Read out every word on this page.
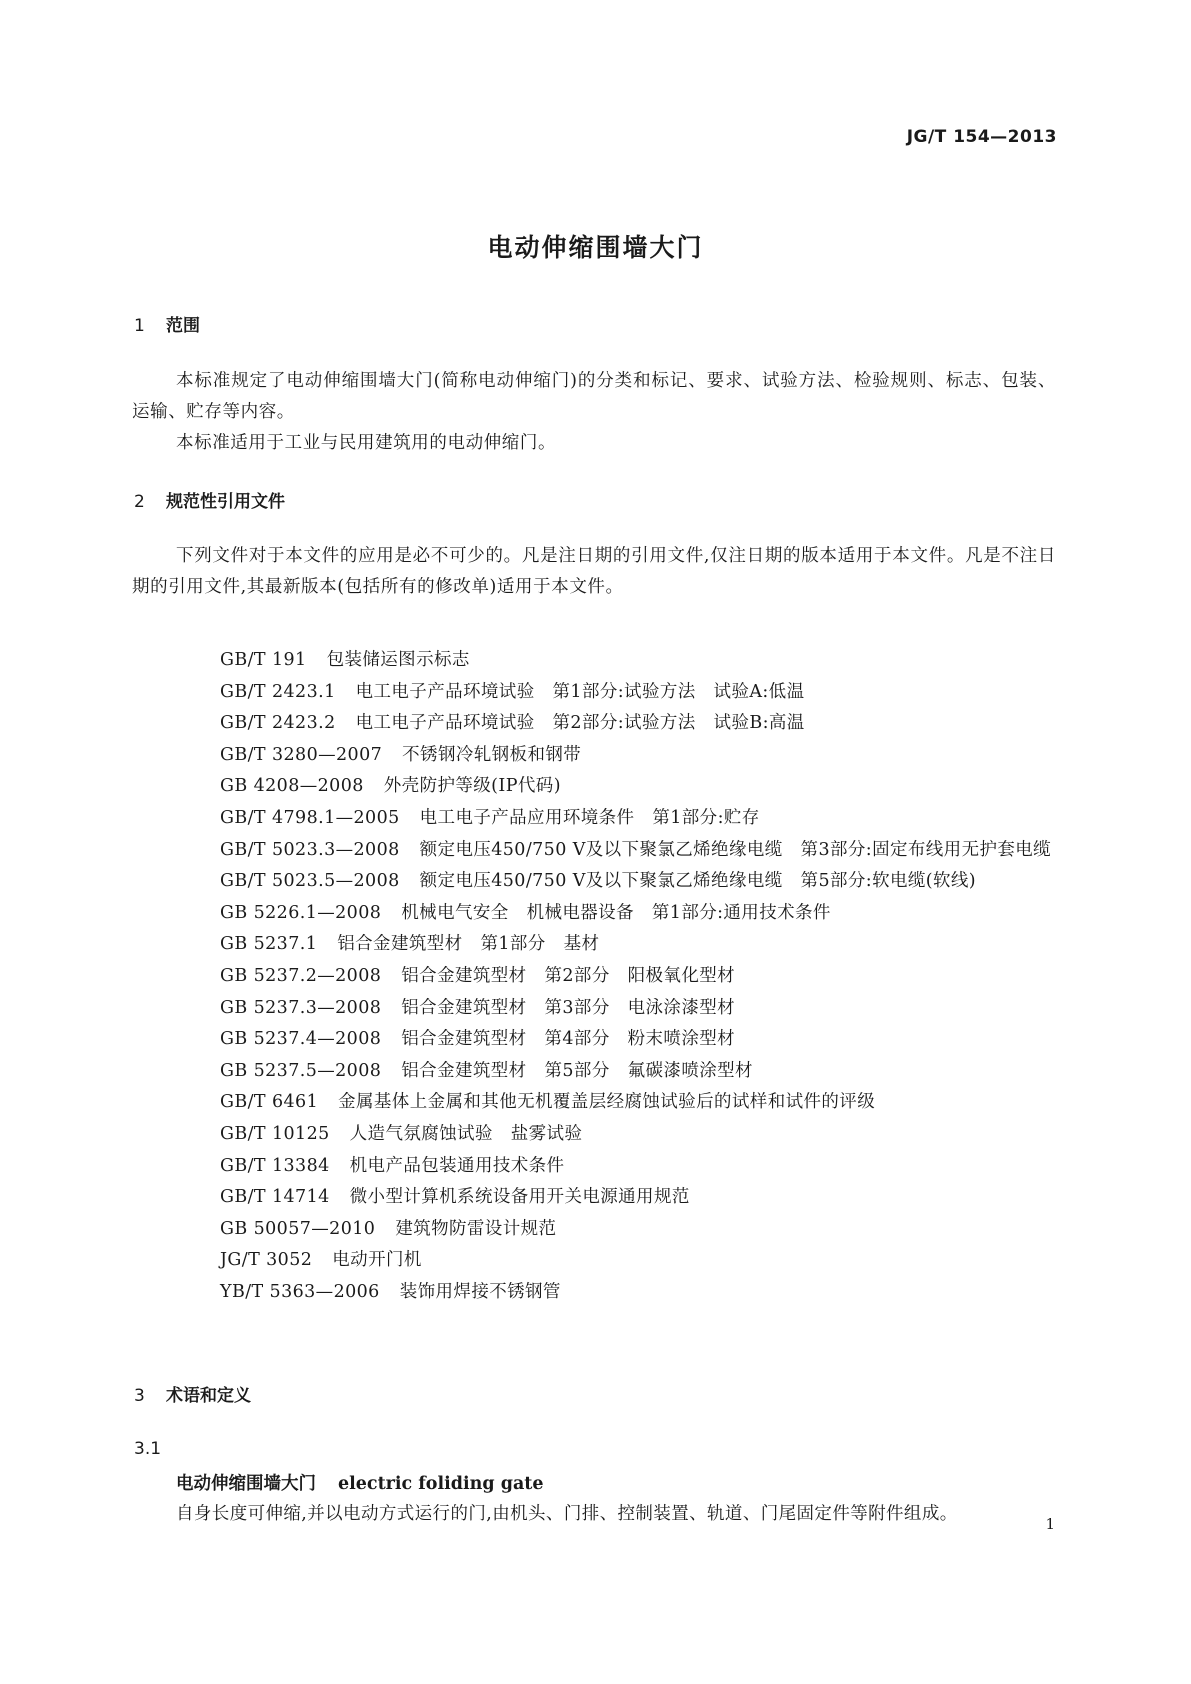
JG/T 154—2013
电动伸缩围墙大门
1 范围
本标准规定了电动伸缩围墙大门(简称电动伸缩门)的分类和标记、要求、试验方法、检验规则、标志、包装、运输、贮存等内容。
本标准适用于工业与民用建筑用的电动伸缩门。
2 规范性引用文件
下列文件对于本文件的应用是必不可少的。凡是注日期的引用文件,仅注日期的版本适用于本文件。凡是不注日期的引用文件,其最新版本(包括所有的修改单)适用于本文件。
GB/T 191 包装储运图示标志
GB/T 2423.1 电工电子产品环境试验　第1部分:试验方法　试验A:低温
GB/T 2423.2 电工电子产品环境试验　第2部分:试验方法　试验B:高温
GB/T 3280—2007 不锈钢冷轧钢板和钢带
GB 4208—2008 外壳防护等级(IP代码)
GB/T 4798.1—2005 电工电子产品应用环境条件　第1部分:贮存
GB/T 5023.3—2008 额定电压450/750 V及以下聚氯乙烯绝缘电缆　第3部分:固定布线用无护套电缆
GB/T 5023.5—2008 额定电压450/750 V及以下聚氯乙烯绝缘电缆　第5部分:软电缆(软线)
GB 5226.1—2008 机械电气安全　机械电器设备　第1部分:通用技术条件
GB 5237.1 铝合金建筑型材　第1部分　基材
GB 5237.2—2008 铝合金建筑型材　第2部分　阳极氧化型材
GB 5237.3—2008 铝合金建筑型材　第3部分　电泳涂漆型材
GB 5237.4—2008 铝合金建筑型材　第4部分　粉末喷涂型材
GB 5237.5—2008 铝合金建筑型材　第5部分　氟碳漆喷涂型材
GB/T 6461 金属基体上金属和其他无机覆盖层经腐蚀试验后的试样和试件的评级
GB/T 10125 人造气氛腐蚀试验　盐雾试验
GB/T 13384 机电产品包装通用技术条件
GB/T 14714 微小型计算机系统设备用开关电源通用规范
GB 50057—2010 建筑物防雷设计规范
JG/T 3052 电动开门机
YB/T 5363—2006 装饰用焊接不锈钢管
3 术语和定义
3.1
电动伸缩围墙大门 electric foliding gate
自身长度可伸缩,并以电动方式运行的门,由机头、门排、控制装置、轨道、门尾固定件等附件组成。	1
